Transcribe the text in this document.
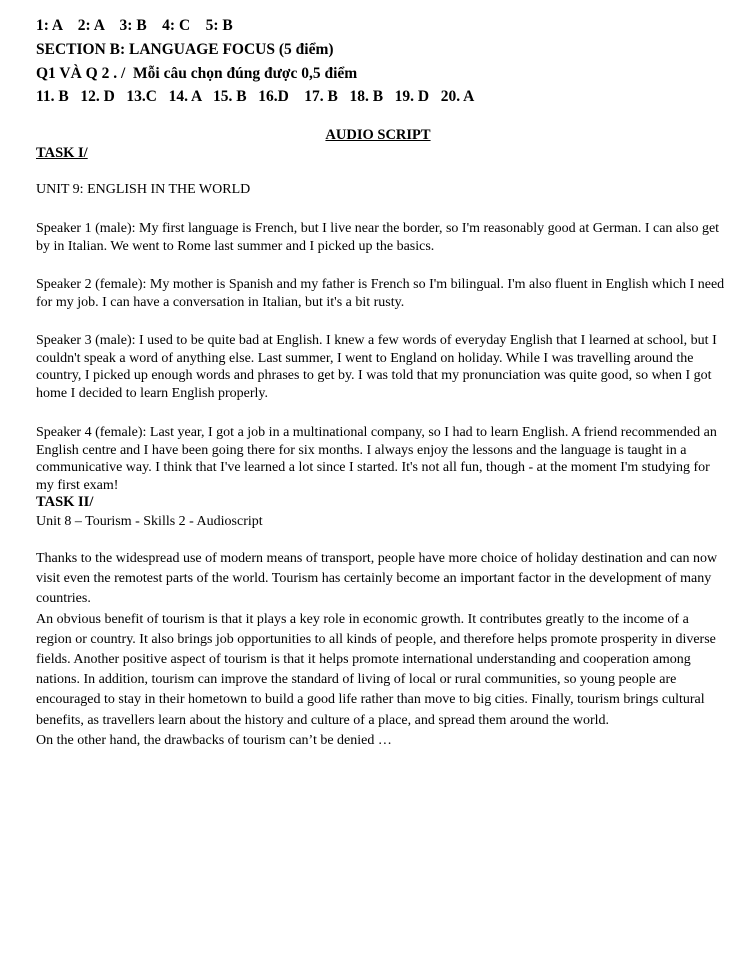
1: A    2: A    3: B    4: C    5: B
SECTION B: LANGUAGE FOCUS (5 điểm)
Q1 VÀ Q 2 . /  Mỗi câu chọn đúng được 0,5 điểm
11. B   12. D   13.C   14. A   15. B   16.D    17. B   18. B   19. D   20. A
AUDIO SCRIPT
TASK I/
UNIT 9: ENGLISH IN THE WORLD

Speaker 1 (male): My first language is French, but I live near the border, so I'm reasonably good at German. I can also get by in Italian. We went to Rome last summer and I picked up the basics.

Speaker 2 (female): My mother is Spanish and my father is French so I'm bilingual. I'm also fluent in English which I need for my job. I can have a conversation in Italian, but it's a bit rusty.

Speaker 3 (male): I used to be quite bad at English. I knew a few words of everyday English that I learned at school, but I couldn't speak a word of anything else. Last summer, I went to England on holiday. While I was travelling around the country, I picked up enough words and phrases to get by. I was told that my pronunciation was quite good, so when I got home I decided to learn English properly.

Speaker 4 (female): Last year, I got a job in a multinational company, so I had to learn English. A friend recommended an English centre and I have been going there for six months. I always enjoy the lessons and the language is taught in a communicative way. I think that I've learned a lot since I started. It's not all fun, though - at the moment I'm studying for my first exam!

TASK II/
Unit 8 – Tourism - Skills 2 - Audioscript

Thanks to the widespread use of modern means of transport, people have more choice of holiday destination and can now visit even the remotest parts of the world. Tourism has certainly become an important factor in the development of many countries.

An obvious benefit of tourism is that it plays a key role in economic growth. It contributes greatly to the income of a region or country. It also brings job opportunities to all kinds of people, and therefore helps promote prosperity in diverse fields. Another positive aspect of tourism is that it helps promote international understanding and cooperation among nations. In addition, tourism can improve the standard of living of local or rural communities, so young people are encouraged to stay in their hometown to build a good life rather than move to big cities. Finally, tourism brings cultural benefits, as travellers learn about the history and culture of a place, and spread them around the world.

On the other hand, the drawbacks of tourism can’t be denied …
